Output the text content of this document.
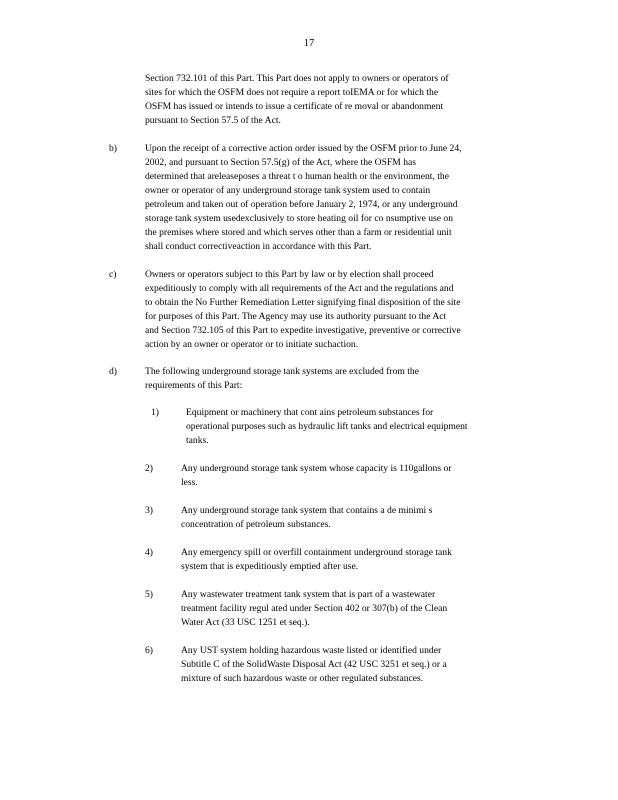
17
Section 732.101 of this Part. This Part does not apply to owners or operators of
sites for which the OSFM does not require a report toIEMA or for which the
OSFM has issued or intends to issue a certificate of re moval or abandonment
pursuant to Section 57.5 of the Act.
b)	Upon the receipt of a corrective action order issued by the OSFM prior to June 24,
2002, and pursuant to Section 57.5(g) of the Act, where the OSFM has
determined that areleaseposes a threat t o human health or the environment, the
owner or operator of any underground storage tank system used to contain
petroleum and taken out of operation before January 2, 1974, or any underground
storage tank system usedexclusively to store heating oil for co nsumptive use on
the premises where stored and which serves other than a farm or residential unit
shall conduct correctiveaction in accordance with this Part.
c)	Owners or operators subject to this Part by law or by election shall proceed
expeditiously to comply with all requirements of the Act and the regulations and
to obtain the No Further Remediation Letter signifying final disposition of the site
for purposes of this Part. The Agency may use its authority pursuant to the Act
and Section 732.105 of this Part to expedite investigative, preventive or corrective
action by an owner or operator or to initiate suchaction.
d)	The following underground storage tank systems are excluded from the
requirements of this Part:
1)	Equipment or machinery that cont ains petroleum substances for
operational purposes such as hydraulic lift tanks and electrical equipment
tanks.
2)	Any underground storage tank system whose capacity is 110gallons or
less.
3)	Any underground storage tank system that contains a de minimi s
concentration of petroleum substances.
4)	Any emergency spill or overfill containment underground storage tank
system that is expeditiously emptied after use.
5)	Any wastewater treatment tank system that is part of a wastewater
treatment facility regul ated under Section 402 or 307(b) of the Clean
Water Act (33 USC 1251 et seq.).
6)	Any UST system holding hazardous waste listed or identified under
Subtitle C of the SolidWaste Disposal Act (42 USC 3251 et seq.) or a
mixture of such hazardous waste or other regulated substances.
